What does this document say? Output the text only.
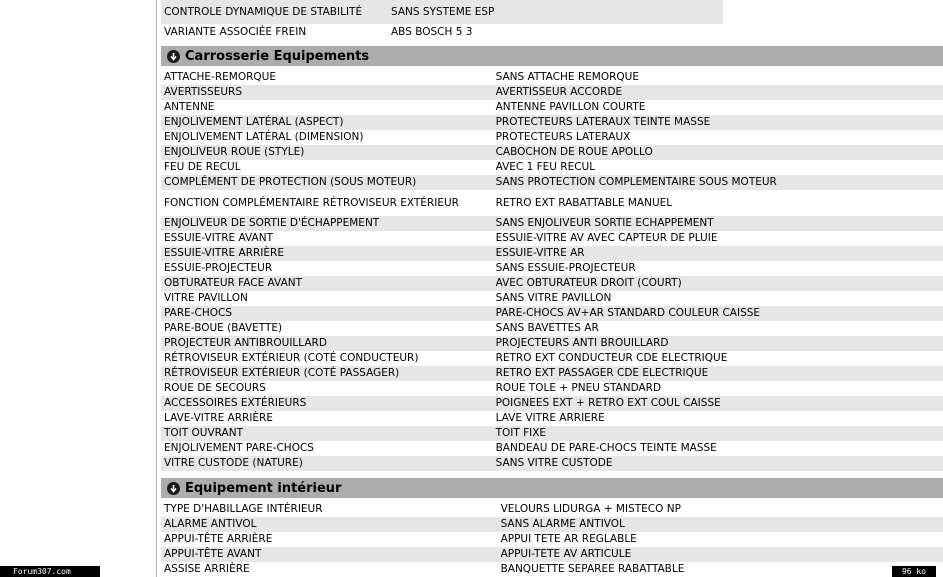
CONTROLE DYNAMIQUE DE STABILITÉ	SANS SYSTEME ESP
VARIANTE ASSOCIÉE FREIN	ABS BOSCH 5 3
Carrosserie Equipements
ATTACHE-REMORQUE	SANS ATTACHE REMORQUE
AVERTISSEURS	AVERTISSEUR ACCORDE
ANTENNE	ANTENNE PAVILLON COURTE
ENJOLIVEMENT LATÉRAL (ASPECT)	PROTECTEURS LATERAUX TEINTE MASSE
ENJOLIVEMENT LATÉRAL (DIMENSION)	PROTECTEURS LATERAUX
ENJOLIVEUR ROUE (STYLE)	CABOCHON DE ROUE APOLLO
FEU DE RECUL	AVEC 1 FEU RECUL
COMPLÉMENT DE PROTECTION (SOUS MOTEUR)	SANS PROTECTION COMPLEMENTAIRE SOUS MOTEUR
FONCTION COMPLÉMENTAIRE RÉTROVISEUR EXTÉRIEUR	RETRO EXT RABATTABLE MANUEL
ENJOLIVEUR DE SORTIE D'ÉCHAPPEMENT	SANS ENJOLIVEUR SORTIE ECHAPPEMENT
ESSUIE-VITRE AVANT	ESSUIE-VITRE AV AVEC CAPTEUR DE PLUIE
ESSUIE-VITRE ARRIÈRE	ESSUIE-VITRE AR
ESSUIE-PROJECTEUR	SANS ESSUIE-PROJECTEUR
OBTURATEUR FACE AVANT	AVEC OBTURATEUR DROIT (COURT)
VITRE PAVILLON	SANS VITRE PAVILLON
PARE-CHOCS	PARE-CHOCS AV+AR STANDARD COULEUR CAISSE
PARE-BOUE (BAVETTE)	SANS BAVETTES AR
PROJECTEUR ANTIBROUILLARD	PROJECTEURS ANTI BROUILLARD
RÉTROVISEUR EXTÉRIEUR (COTÉ CONDUCTEUR)	RETRO EXT CONDUCTEUR CDE ELECTRIQUE
RÉTROVISEUR EXTÉRIEUR (COTÉ PASSAGER)	RETRO EXT PASSAGER CDE ELECTRIQUE
ROUE DE SECOURS	ROUE TOLE + PNEU STANDARD
ACCESSOIRES EXTÉRIEURS	POIGNEES EXT + RETRO EXT COUL CAISSE
LAVE-VITRE ARRIÈRE	LAVE VITRE ARRIERE
TOIT OUVRANT	TOIT FIXE
ENJOLIVEMENT PARE-CHOCS	BANDEAU DE PARE-CHOCS TEINTE MASSE
VITRE CUSTODE (NATURE)	SANS VITRE CUSTODE
Equipement intérieur
TYPE D'HABILLAGE INTÉRIEUR	VELOURS LIDURGA + MISTECO NP
ALARME ANTIVOL	SANS ALARME ANTIVOL
APPUI-TÊTE ARRIÈRE	APPUI TETE AR REGLABLE
APPUI-TÊTE AVANT	APPUI-TETE AV ARTICULE
ASSISE ARRIÈRE	BANQUETTE SEPAREE RABATTABLE
Forum307.com	96 ko
